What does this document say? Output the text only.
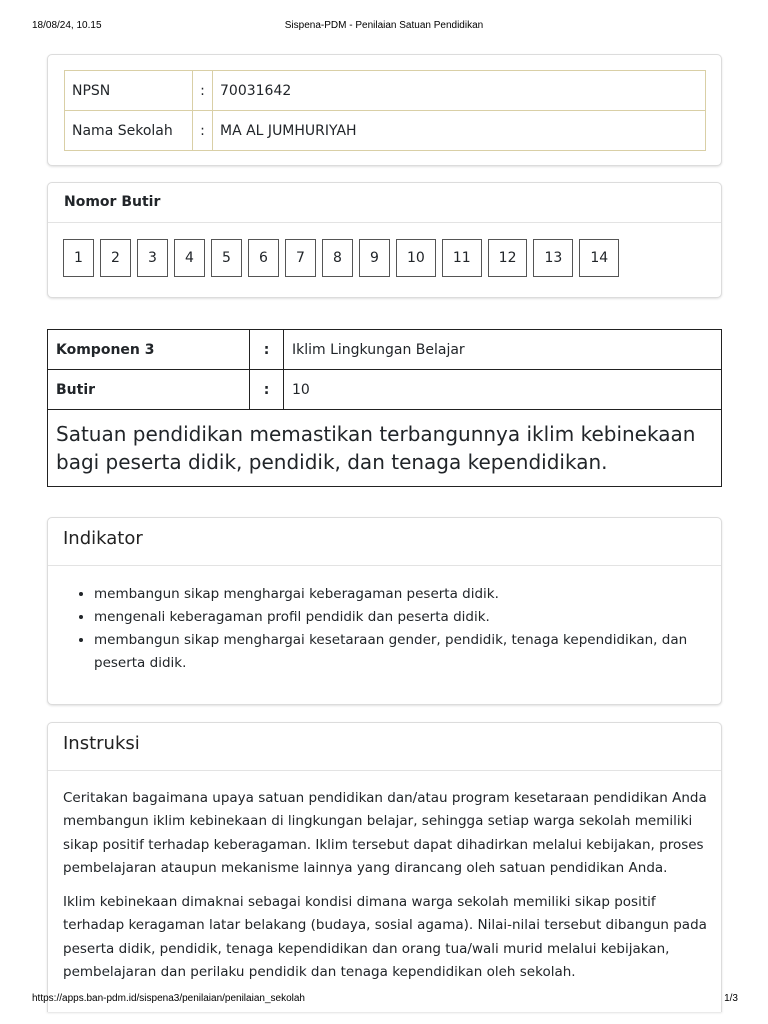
18/08/24, 10.15	Sispena-PDM - Penilaian Satuan Pendidikan
NPSN	:	70031642
Nama Sekolah	:	MA AL JUMHURIYAH
Nomor Butir
1	2	3	4	5	6	7	8	9	10	11	12	13	14
Komponen 3	:	Iklim Lingkungan Belajar
Butir	:	10
Satuan pendidikan memastikan terbangunnya iklim kebinekaan bagi peserta didik, pendidik, dan tenaga kependidikan.		
Indikator
• membangun sikap menghargai keberagaman peserta didik.
• mengenali keberagaman profil pendidik dan peserta didik.
• membangun sikap menghargai kesetaraan gender, pendidik, tenaga kependidikan, dan peserta didik.
Instruksi

Ceritakan bagaimana upaya satuan pendidikan dan/atau program kesetaraan pendidikan Anda membangun iklim kebinekaan di lingkungan belajar, sehingga setiap warga sekolah memiliki sikap positif terhadap keberagaman. Iklim tersebut dapat dihadirkan melalui kebijakan, proses pembelajaran ataupun mekanisme lainnya yang dirancang oleh satuan pendidikan Anda.

Iklim kebinekaan dimaknai sebagai kondisi dimana warga sekolah memiliki sikap positif terhadap keragaman latar belakang (budaya, sosial agama). Nilai-nilai tersebut dibangun pada peserta didik, pendidik, tenaga kependidikan dan orang tua/wali murid melalui kebijakan, pembelajaran dan perilaku pendidik dan tenaga kependidikan oleh sekolah.

https://apps.ban-pdm.id/sispena3/penilaian/penilaian_sekolah	1/3
